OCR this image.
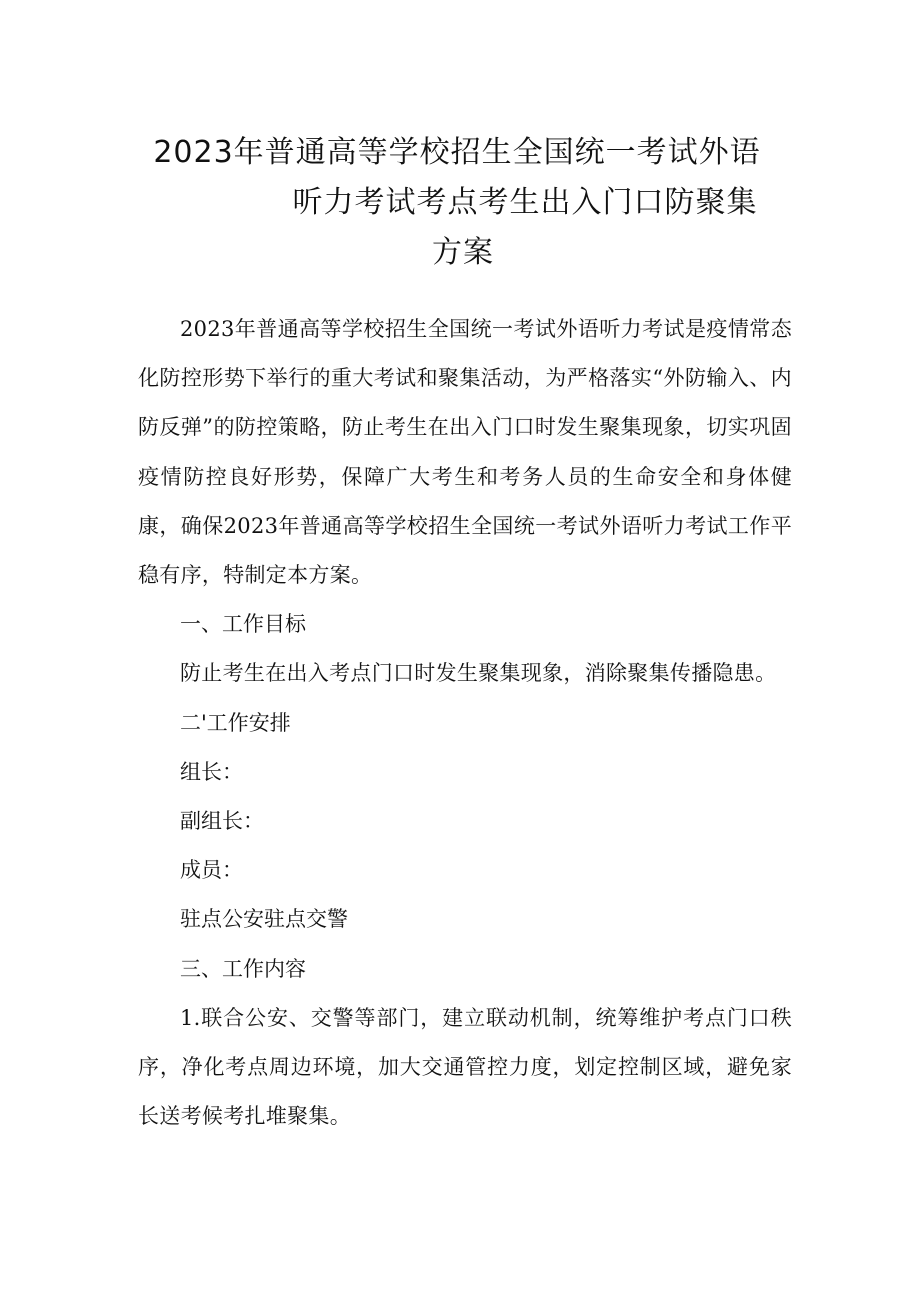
2023年普通高等学校招生全国统一考试外语
听力考试考点考生出入门口防聚集
方案

2023年普通高等学校招生全国统一考试外语听力考试是疫情常态化防控形势下举行的重大考试和聚集活动，为严格落实“外防输入、内防反弹”的防控策略，防止考生在出入门口时发生聚集现象，切实巩固疫情防控良好形势，保障广大考生和考务人员的生命安全和身体健康，确保2023年普通高等学校招生全国统一考试外语听力考试工作平稳有序，特制定本方案。

一、工作目标

防止考生在出入考点门口时发生聚集现象，消除聚集传播隐患。

二'工作安排

组长：

副组长：

成员：

驻点公安驻点交警

三、工作内容

1.联合公安、交警等部门，建立联动机制，统筹维护考点门口秩序，净化考点周边环境，加大交通管控力度，划定控制区域，避免家长送考候考扎堆聚集。
